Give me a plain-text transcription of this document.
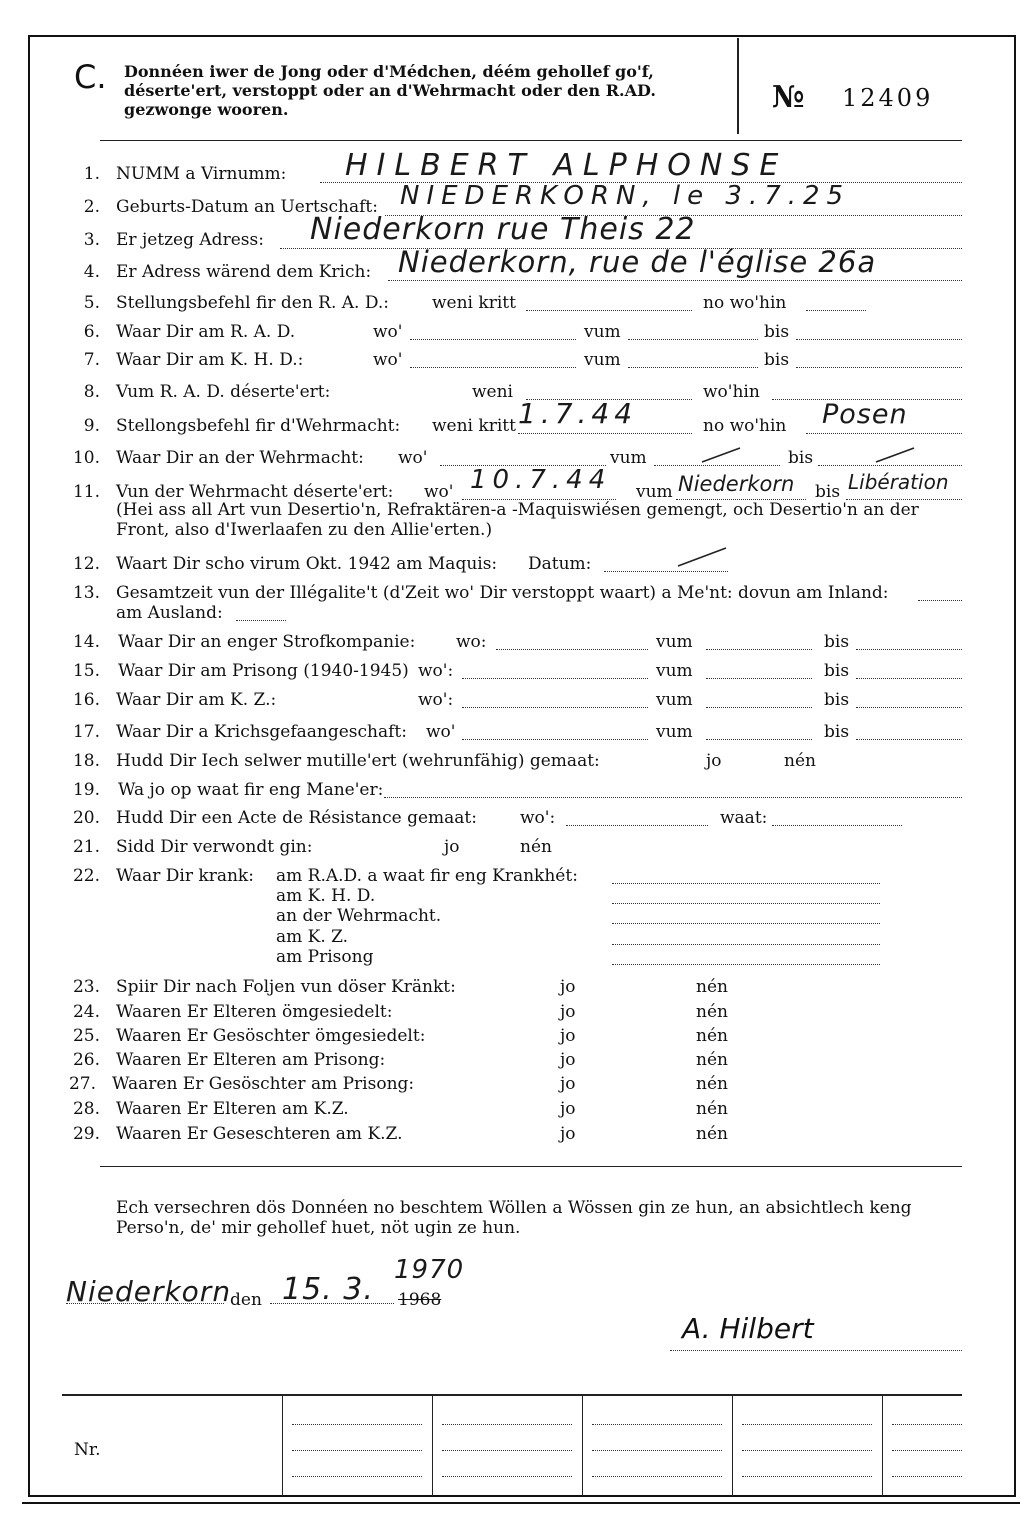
C. Donnéen iwer de Jong oder d'Médchen, déém gehollef go'f, déserte'ert, verstoppt oder an d'Wehrmacht oder den R.AD. gezwonge wooren.	№ 12409
1. NUMM a Virnumm: HILBERT ALPHONSE
2. Geburts-Datum an Uertschaft: NIEDERKORN, le 3.7.25
3. Er jetzeg Adress: Niederkorn rue Theis 22
4. Er Adress wärend dem Krich: Niederkorn, rue de l'église 26a
5. Stellungsbefehl fir den R. A. D.:	weni kritt	no wo'hin
6. Waar Dir am R. A. D.	wo'	vum	bis
7. Waar Dir am K. H. D.:	wo'	vum	bis
8. Vum R. A. D. déserte'ert:	weni	wo'hin
9. Stellongsbefehl fir d'Wehrmacht: weni kritt 1.7.44	no wo'hin Posen
10. Waar Dir an der Wehrmacht: wo'	vum	bis
11. Vun der Wehrmacht déserte'ert: wo' 10.7.44 vum Niederkorn bis Libération
(Hei ass all Art vun Desertio'n, Refraktären-a -Maquiswiésen gemengt, och Desertio'n an der Front, also d'Iwerlaafen zu den Allie'erten.)
12. Waart Dir scho virum Okt. 1942 am Maquis: Datum:
13. Gesamtzeit vun der Illégalite't (d'Zeit wo' Dir verstoppt waart) a Me'nt: dovun am Inland:
am Ausland:
14. Waar Dir an enger Strofkompanie: wo:	vum	bis
15. Waar Dir am Prisong (1940-1945) wo':	vum	bis
16. Waar Dir am K. Z.:	wo':	vum	bis
17. Waar Dir a Krichsgefaangeschaft: wo'	vum	bis
18. Hudd Dir Iech selwer mutille'ert (wehrunfähig) gemaat:	jo	nén
19. Wa jo op waat fir eng Mane'er:
20. Hudd Dir een Acte de Résistance gemaat:	wo':	waat:
21. Sidd Dir verwondt gin:	jo	nén
22. Waar Dir krank: am R.A.D. a waat fir eng Krankhét:
am K. H. D.
an der Wehrmacht.
am K. Z.
am Prisong
23. Spiir Dir nach Foljen vun döser Kränkt:	jo	nén
24. Waaren Er Elteren ömgesiedelt:	jo	nén
25. Waaren Er Gesöschter ömgesiedelt:	jo	nén
26. Waaren Er Elteren am Prisong:	jo	nén
27. Waaren Er Gesöschter am Prisong:	jo	nén
28. Waaren Er Elteren am K.Z.	jo	nén
29. Waaren Er Geseschteren am K.Z.	jo	nén
Ech versechren dös Donnéen no beschtem Wöllen a Wössen gin ze hun, an absichtlech keng Perso'n, de' mir gehollef huet, nöt ugin ze hun.
Niederkorn
den 15. 3. 1968
1970
A. Hilbert
Nr.
